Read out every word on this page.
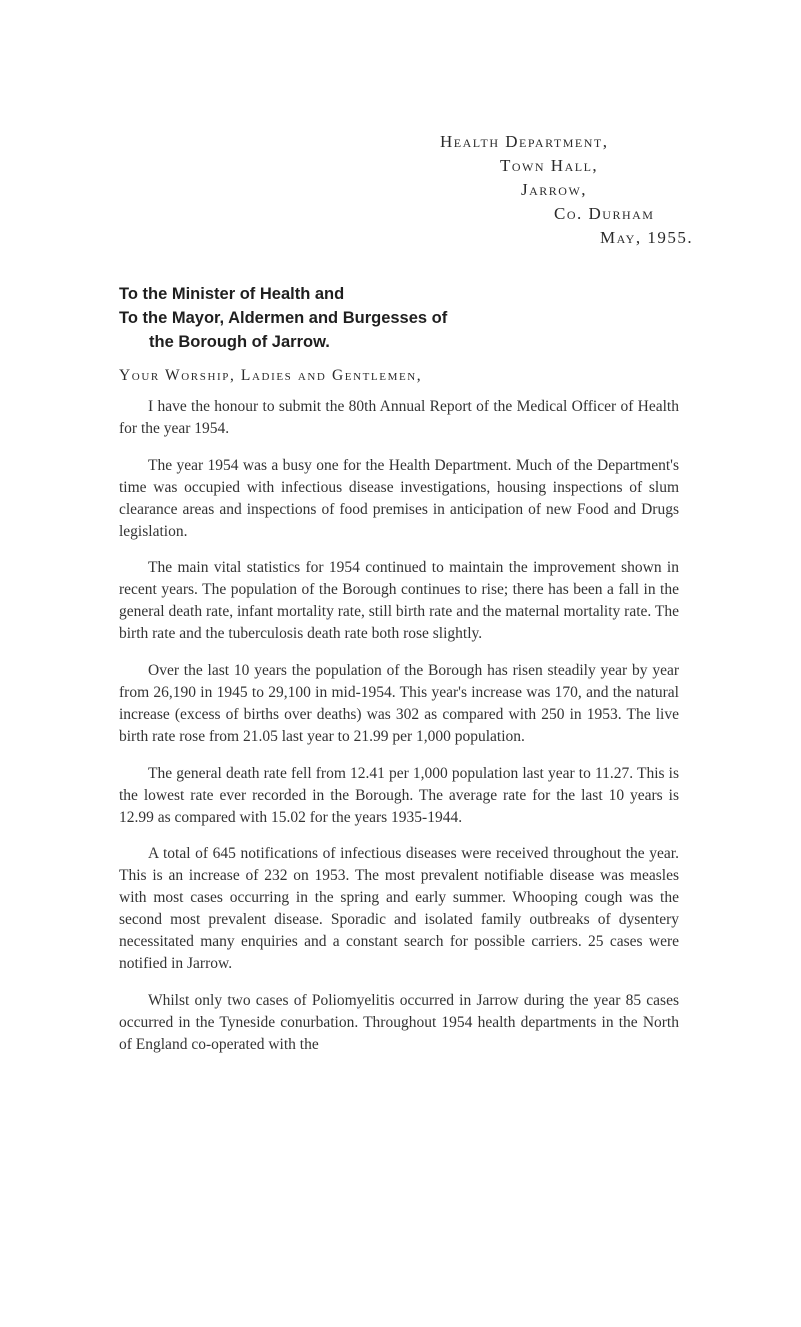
Health Department,
Town Hall,
Jarrow,
Co. Durham
May, 1955.
To the Minister of Health and
To the Mayor, Aldermen and Burgesses of
the Borough of Jarrow.
Your Worship, Ladies and Gentlemen,

I have the honour to submit the 80th Annual Report of the Medical Officer of Health for the year 1954.

The year 1954 was a busy one for the Health Department. Much of the Department's time was occupied with infectious disease investigations, housing inspections of slum clearance areas and inspections of food premises in anticipation of new Food and Drugs legislation.

The main vital statistics for 1954 continued to maintain the improvement shown in recent years. The population of the Borough continues to rise; there has been a fall in the general death rate, infant mortality rate, still birth rate and the maternal mortality rate. The birth rate and the tuberculosis death rate both rose slightly.

Over the last 10 years the population of the Borough has risen steadily year by year from 26,190 in 1945 to 29,100 in mid-1954. This year's increase was 170, and the natural increase (excess of births over deaths) was 302 as compared with 250 in 1953. The live birth rate rose from 21.05 last year to 21.99 per 1,000 population.

The general death rate fell from 12.41 per 1,000 population last year to 11.27. This is the lowest rate ever recorded in the Borough. The average rate for the last 10 years is 12.99 as compared with 15.02 for the years 1935-1944.

A total of 645 notifications of infectious diseases were received throughout the year. This is an increase of 232 on 1953. The most prevalent notifiable disease was measles with most cases occurring in the spring and early summer. Whooping cough was the second most prevalent disease. Sporadic and isolated family outbreaks of dysentery necessitated many enquiries and a constant search for possible carriers. 25 cases were notified in Jarrow.

Whilst only two cases of Poliomyelitis occurred in Jarrow during the year 85 cases occurred in the Tyneside conurbation. Throughout 1954 health departments in the North of England co-operated with the
